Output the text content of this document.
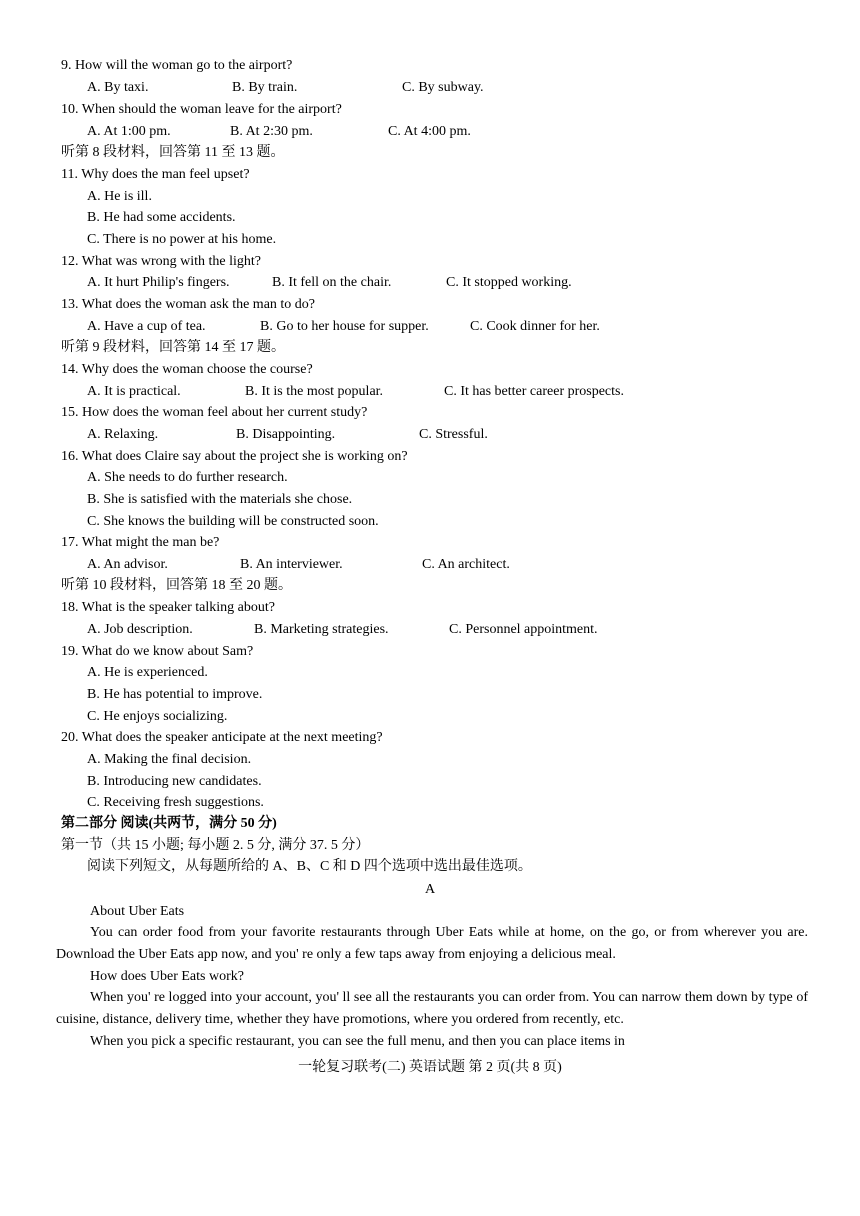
9. How will the woman go to the airport?
A. By taxi.	B. By train.	C. By subway.
10. When should the woman leave for the airport?
A. At 1:00 pm.	B. At 2:30 pm.	C. At 4:00 pm.
听第 8 段材料，回答第 11 至 13 题。
11. Why does the man feel upset?
A. He is ill.
B. He had some accidents.
C. There is no power at his home.
12. What was wrong with the light?
A. It hurt Philip's fingers.	B. It fell on the chair.	C. It stopped working.
13. What does the woman ask the man to do?
A. Have a cup of tea.	B. Go to her house for supper.	C. Cook dinner for her.
听第 9 段材料，回答第 14 至 17 题。
14. Why does the woman choose the course?
A. It is practical.	B. It is the most popular.	C. It has better career prospects.
15. How does the woman feel about her current study?
A. Relaxing.	B. Disappointing.	C. Stressful.
16. What does Claire say about the project she is working on?
A. She needs to do further research.
B. She is satisfied with the materials she chose.
C. She knows the building will be constructed soon.
17. What might the man be?
A. An advisor.	B. An interviewer.	C. An architect.
听第 10 段材料，回答第 18 至 20 题。
18. What is the speaker talking about?
A. Job description.	B. Marketing strategies.	C. Personnel appointment.
19. What do we know about Sam?
A. He is experienced.
B. He has potential to improve.
C. He enjoys socializing.
20. What does the speaker anticipate at the next meeting?
A. Making the final decision.
B. Introducing new candidates.
C. Receiving fresh suggestions.
第二部分 阅读(共两节，满分 50 分)
第一节（共 15 小题; 每小题 2. 5 分, 满分 37. 5 分）
阅读下列短文，从每题所给的 A、B、C 和 D 四个选项中选出最佳选项。
A
About Uber Eats
You can order food from your favorite restaurants through Uber Eats while at home, on the go, or from wherever you are. Download the Uber Eats app now, and you' re only a few taps away from enjoying a delicious meal.
How does Uber Eats work?
When you' re logged into your account, you' ll see all the restaurants you can order from. You can narrow them down by type of cuisine, distance, delivery time, whether they have promotions, where you ordered from recently, etc.
When you pick a specific restaurant, you can see the full menu, and then you can place items in
一轮复习联考(二) 英语试题 第 2 页(共 8 页)
